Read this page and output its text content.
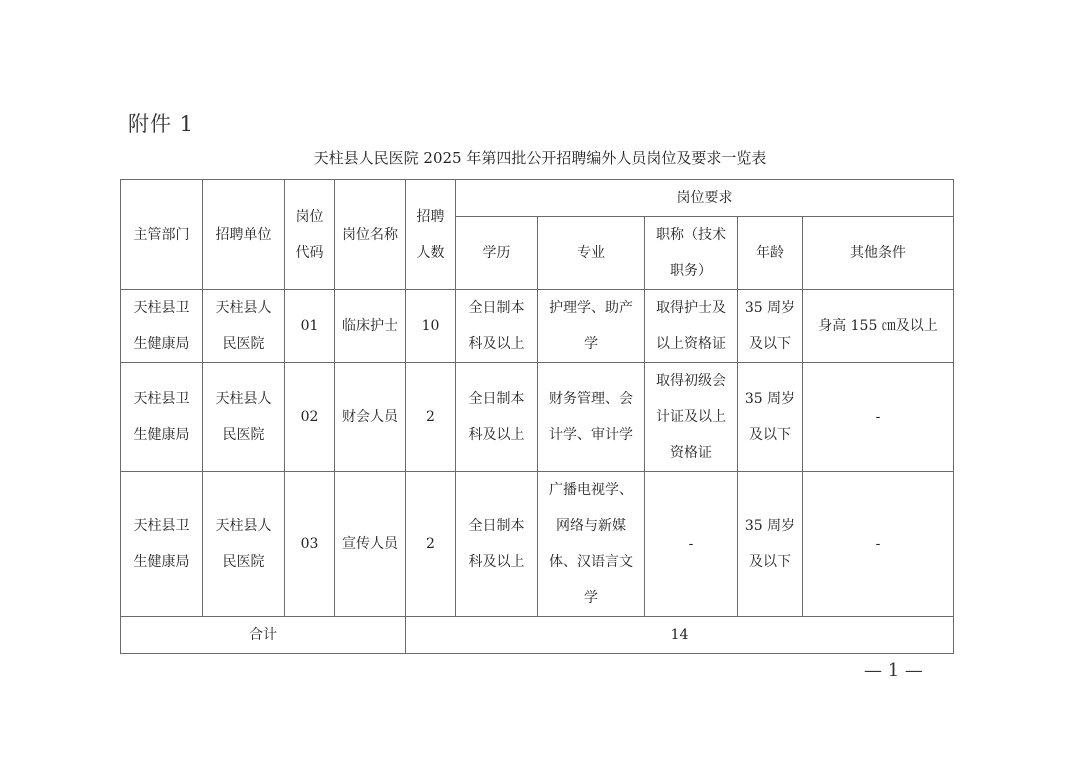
附件 1
天柱县人民医院 2025 年第四批公开招聘编外人员岗位及要求一览表
主管部门	招聘单位	岗位代码	岗位名称	招聘人数	岗位要求				
					学历	专业	职称（技术职务）	年龄	其他条件
天柱县卫生健康局	天柱县人民医院	01	临床护士	10	全日制本科及以上	护理学、助产学	取得护士及以上资格证	35 周岁及以下	身高 155 ㎝及以上
天柱县卫生健康局	天柱县人民医院	02	财会人员	2	全日制本科及以上	财务管理、会计学、审计学	取得初级会计证及以上资格证	35 周岁及以下	-
天柱县卫生健康局	天柱县人民医院	03	宣传人员	2	全日制本科及以上	广播电视学、网络与新媒体、汉语言文学	-	35 周岁及以下	-
合计				14					
— 1 —
